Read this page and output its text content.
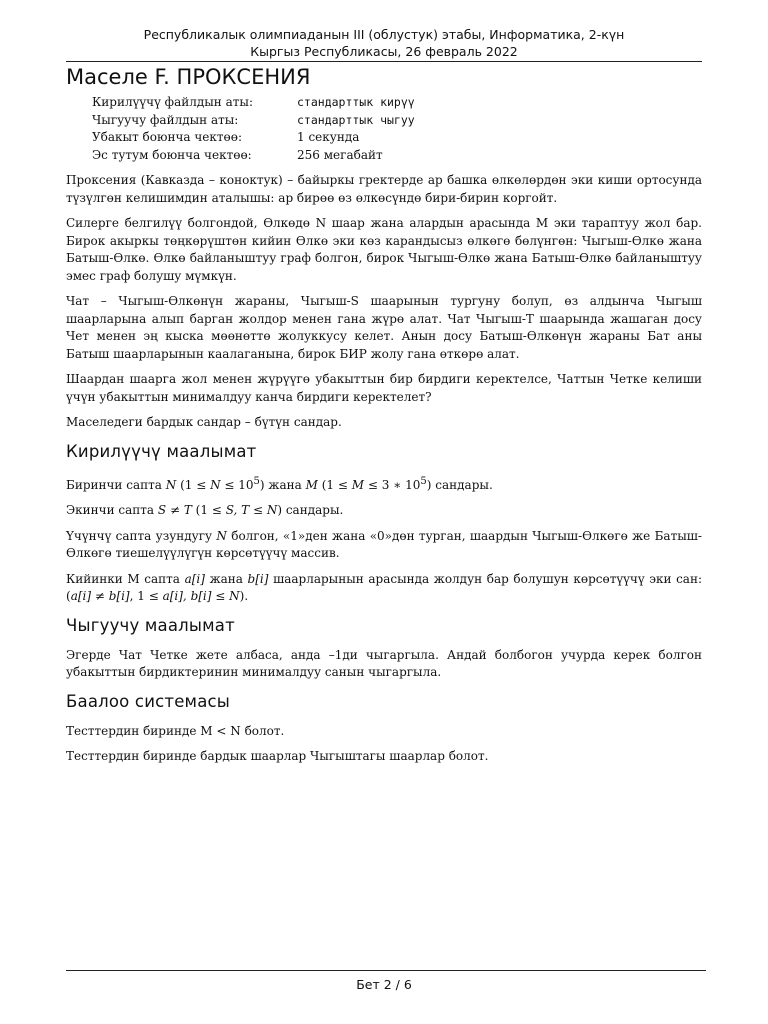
Республикалык олимпиаданын III (облустук) этабы, Информатика, 2-күн
Кыргыз Республикасы, 26 февраль 2022
Маселе F. ПРОКСЕНИЯ
Кирилүүчү файлдын аты:	стандарттык кирүү
Чыгуучу файлдын аты:	стандарттык чыгуу
Убакыт боюнча чектөө:	1 секунда
Эс тутум боюнча чектөө:	256 мегабайт

Проксения (Кавказда – коноктук) – байыркы гректерде ар башка өлкөлөрдөн эки киши ортосунда түзүлгөн келишимдин аталышы: ар бирөө өз өлкөсүндө бири-бирин коргойт.

Силерге белгилүү болгондой, Өлкөдө N шаар жана алардын арасында M эки тараптуу жол бар. Бирок акыркы төңкөрүштөн кийин Өлкө эки көз карандысыз өлкөгө бөлүнгөн: Чыгыш-Өлкө жана Батыш-Өлкө. Өлкө байланыштуу граф болгон, бирок Чыгыш-Өлкө жана Батыш-Өлкө байланыштуу эмес граф болушу мүмкүн.

Чат – Чыгыш-Өлкөнүн жараны, Чыгыш-S шаарынын тургуну болуп, өз алдынча Чыгыш шаарларына алып барган жолдор менен гана жүрө алат. Чат Чыгыш-T шаарында жашаган досу Чет менен эң кыска мөөнөттө жолуккусу келет. Анын досу Батыш-Өлкөнүн жараны Бат аны Батыш шаарларынын каалаганына, бирок БИР жолу гана өткөрө алат.

Шаардан шаарга жол менен жүрүүгө убакыттын бир бирдиги керектелсе, Чаттын Четке келиши үчүн убакыттын минималдуу канча бирдиги керектелет?

Маселедеги бардык сандар – бүтүн сандар.

Кирилүүчү маалымат

Биринчи сапта N $(1 \le N \le 10^5)$ жана M (1 ≤ M ≤ 3 ∗ $10^5$) сандары.

Экинчи сапта S ≠ T (1 ≤ S, T ≤ N) сандары.

Үчүнчү сапта узундугу N болгон, «1»ден жана «0»дөн турган, шаардын Чыгыш-Өлкөгө же Батыш-Өлкөгө тиешелүүлүгүн көрсөтүүчү массив.

Кийинки M сапта a[i] жана b[i] шаарларынын арасында жолдун бар болушун көрсөтүүчү эки сан: (a[i] ≠ b[i], 1 ≤ a[i], b[i] ≤ N).

Чыгуучу маалымат

Эгерде Чат Четке жете албаса, анда –1ди чыгаргыла. Андай болбогон учурда керек болгон убакыттын бирдиктеринин минималдуу санын чыгаргыла.

Баалоо системасы

Тесттердин биринде M < N болот.

Тесттердин биринде бардык шаарлар Чыгыштагы шаарлар болот.

Бет 2 / 6
